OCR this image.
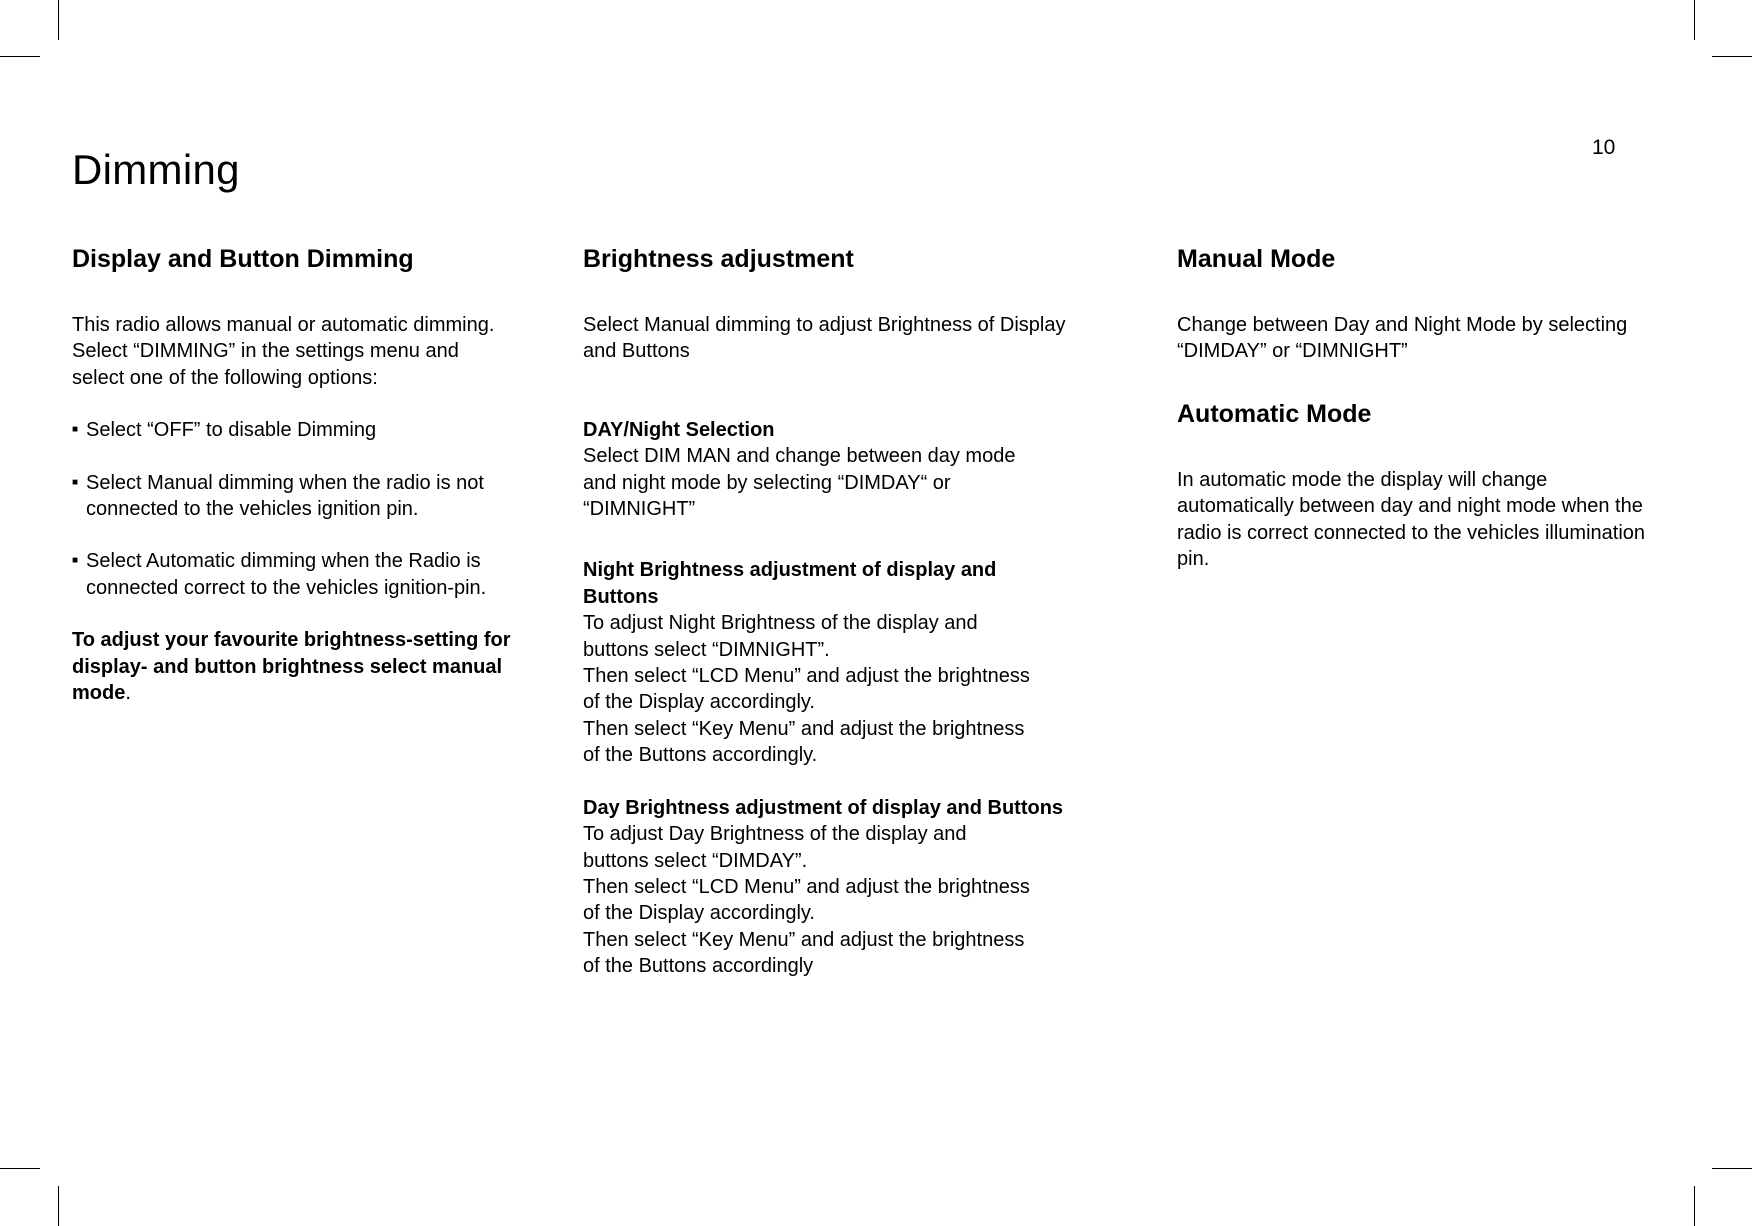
10
Dimming
Display and Button Dimming

This radio allows manual or automatic dimming.

Select “DIMMING” in the settings menu and

select one of the following options:

■ Select “OFF” to disable Dimming

■ Select Manual dimming when the radio is not

connected to the vehicles ignition pin.

■ Select Automatic dimming when the Radio is

connected correct to the vehicles ignition-pin.

To adjust your favourite brightness-setting for

display- and button brightness select manual

mode.

Brightness adjustment

Select Manual dimming to adjust Brightness of Display

and Buttons

DAY/Night Selection

Select DIM MAN and change between day mode

and night mode by selecting “DIMDAY“ or

“DIMNIGHT”

Night Brightness adjustment of display and

Buttons

To adjust Night Brightness of the display and

buttons select “DIMNIGHT”.

Then select “LCD Menu” and adjust the brightness

of the Display accordingly.

Then select “Key Menu” and adjust the brightness

of the Buttons accordingly.

Day Brightness adjustment of display and Buttons

To adjust Day Brightness of the display and

buttons select “DIMDAY”.

Then select “LCD Menu” and adjust the brightness

of the Display accordingly.

Then select “Key Menu” and adjust the brightness

of the Buttons accordingly

Manual Mode

Change between Day and Night Mode by selecting

“DIMDAY” or “DIMNIGHT”

Automatic Mode

In automatic mode the display will change

automatically between day and night mode when the

radio is correct connected to the vehicles illumination

pin.
